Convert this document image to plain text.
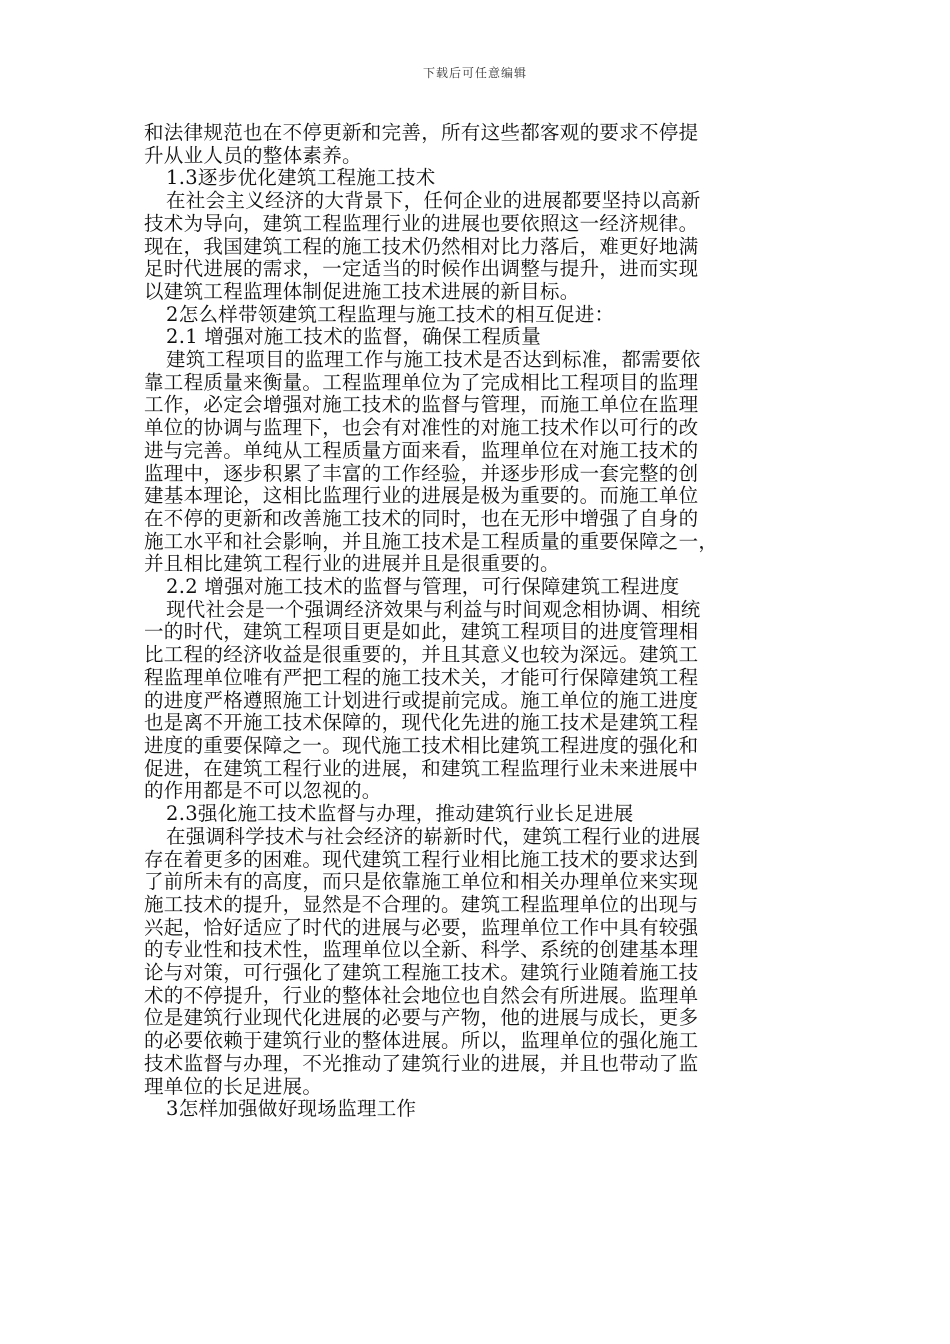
下载后可任意编辑
和法律规范也在不停更新和完善，所有这些都客观的要求不停提
升从业人员的整体素养。
1.3逐步优化建筑工程施工技术
在社会主义经济的大背景下，任何企业的进展都要坚持以高新
技术为导向，建筑工程监理行业的进展也要依照这一经济规律。
现在，我国建筑工程的施工技术仍然相对比力落后，难更好地满
足时代进展的需求，一定适当的时候作出调整与提升，进而实现
以建筑工程监理体制促进施工技术进展的新目标。
2怎么样带领建筑工程监理与施工技术的相互促进：
2.1 增强对施工技术的监督，确保工程质量
建筑工程项目的监理工作与施工技术是否达到标准，都需要依
靠工程质量来衡量。工程监理单位为了完成相比工程项目的监理
工作，必定会增强对施工技术的监督与管理，而施工单位在监理
单位的协调与监理下，也会有对准性的对施工技术作以可行的改
进与完善。单纯从工程质量方面来看，监理单位在对施工技术的
监理中，逐步积累了丰富的工作经验，并逐步形成一套完整的创
建基本理论，这相比监理行业的进展是极为重要的。而施工单位
在不停的更新和改善施工技术的同时，也在无形中增强了自身的
施工水平和社会影响，并且施工技术是工程质量的重要保障之一，
并且相比建筑工程行业的进展并且是很重要的。
2.2 增强对施工技术的监督与管理，可行保障建筑工程进度
现代社会是一个强调经济效果与利益与时间观念相协调、相统
一的时代，建筑工程项目更是如此，建筑工程项目的进度管理相
比工程的经济收益是很重要的，并且其意义也较为深远。建筑工
程监理单位唯有严把工程的施工技术关，才能可行保障建筑工程
的进度严格遵照施工计划进行或提前完成。施工单位的施工进度
也是离不开施工技术保障的，现代化先进的施工技术是建筑工程
进度的重要保障之一。现代施工技术相比建筑工程进度的强化和
促进，在建筑工程行业的进展，和建筑工程监理行业未来进展中
的作用都是不可以忽视的。
2.3强化施工技术监督与办理，推动建筑行业长足进展
在强调科学技术与社会经济的崭新时代，建筑工程行业的进展
存在着更多的困难。现代建筑工程行业相比施工技术的要求达到
了前所未有的高度，而只是依靠施工单位和相关办理单位来实现
施工技术的提升，显然是不合理的。建筑工程监理单位的出现与
兴起，恰好适应了时代的进展与必要，监理单位工作中具有较强
的专业性和技术性，监理单位以全新、科学、系统的创建基本理
论与对策，可行强化了建筑工程施工技术。建筑行业随着施工技
术的不停提升，行业的整体社会地位也自然会有所进展。监理单
位是建筑行业现代化进展的必要与产物，他的进展与成长，更多
的必要依赖于建筑行业的整体进展。所以，监理单位的强化施工
技术监督与办理，不光推动了建筑行业的进展，并且也带动了监
理单位的长足进展。
3怎样加强做好现场监理工作
